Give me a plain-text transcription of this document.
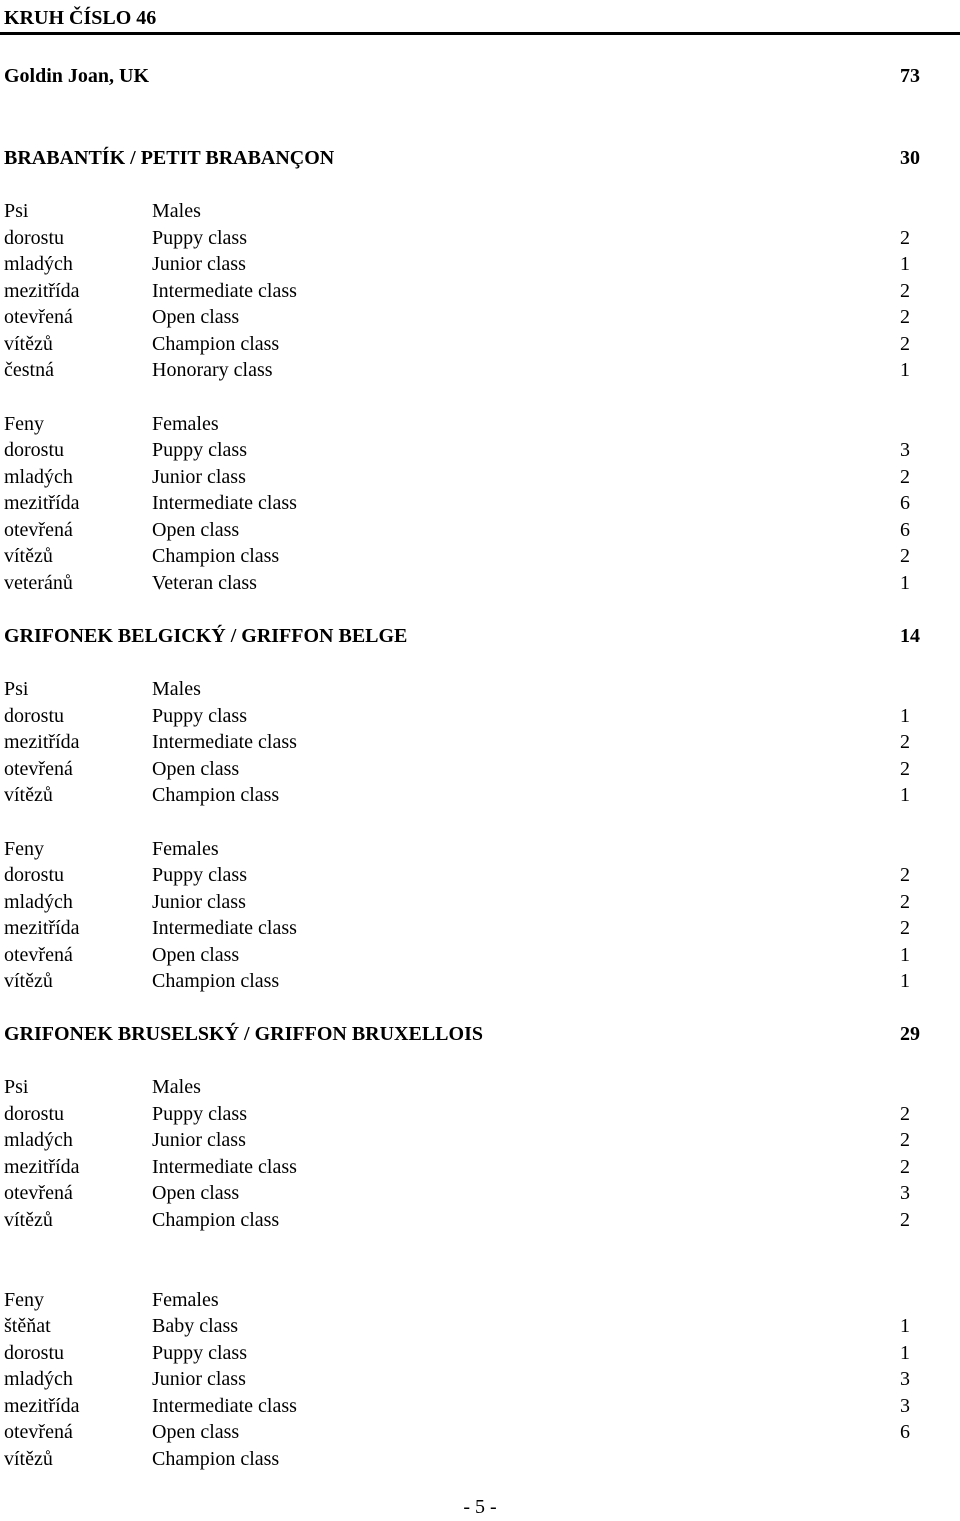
KRUH ČÍSLO 46
Goldin Joan, UK	73
BRABANTÍK / PETIT BRABANÇON	30
Psi	Males
dorostu	Puppy class	2
mladých	Junior class	1
mezitřída	Intermediate class	2
otevřená	Open class	2
vítězů	Champion class	2
čestná	Honorary class	1
Feny	Females
dorostu	Puppy class	3
mladých	Junior class	2
mezitřída	Intermediate class	6
otevřená	Open class	6
vítězů	Champion class	2
veteránů	Veteran class	1
GRIFONEK BELGICKÝ / GRIFFON BELGE	14
Psi	Males
dorostu	Puppy class	1
mezitřída	Intermediate class	2
otevřená	Open class	2
vítězů	Champion class	1
Feny	Females
dorostu	Puppy class	2
mladých	Junior class	2
mezitřída	Intermediate class	2
otevřená	Open class	1
vítězů	Champion class	1
GRIFONEK BRUSELSKÝ / GRIFFON BRUXELLOIS	29
Psi	Males
dorostu	Puppy class	2
mladých	Junior class	2
mezitřída	Intermediate class	2
otevřená	Open class	3
vítězů	Champion class	2
Feny	Females
štěňat	Baby class	1
dorostu	Puppy class	1
mladých	Junior class	3
mezitřída	Intermediate class	3
otevřená	Open class	6
vítězů	Champion class
- 5 -
